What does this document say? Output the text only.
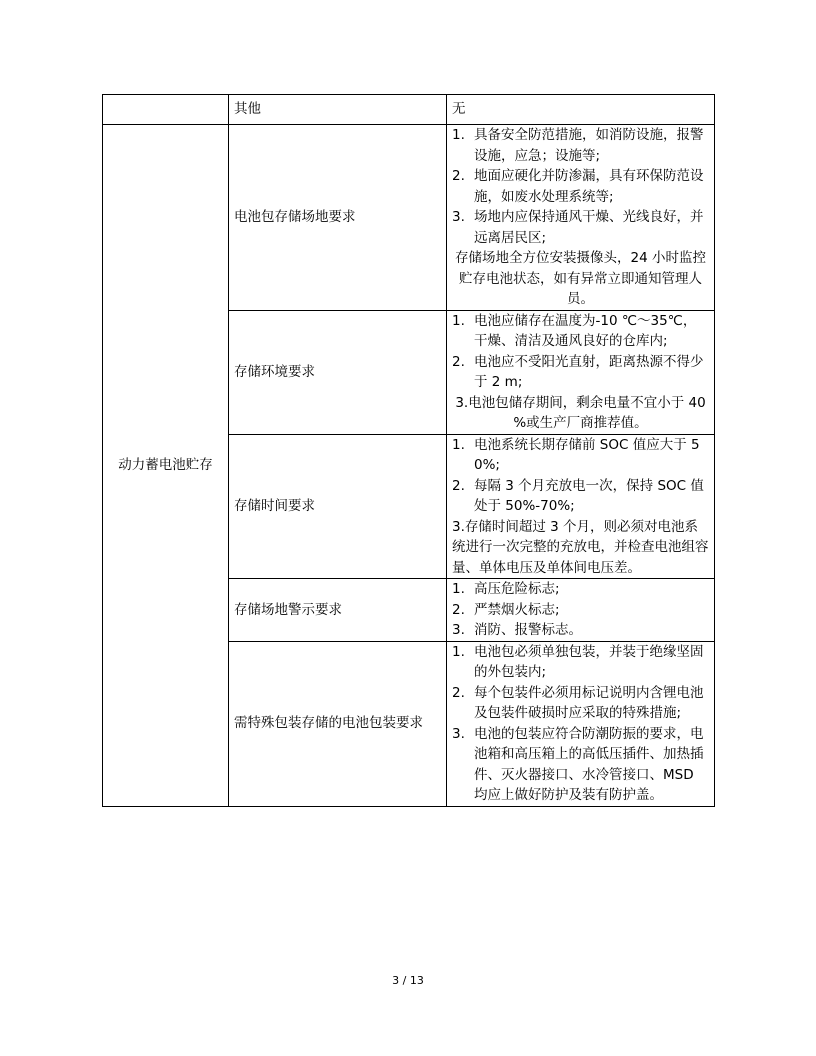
	其他	无
动力蓄电池贮存	电池包存储场地要求	1. 具备安全防范措施，如消防设施，报警设施，应急；设施等;
2. 地面应硬化并防渗漏，具有环保防范设施，如废水处理系统等;
3. 场地内应保持通风干燥、光线良好，并远离居民区;
存储场地全方位安装摄像头，24 小时监控贮存电池状态，如有异常立即通知管理人员。

	存储环境要求	1. 电池应储存在温度为-10 ℃～35℃，干燥、清洁及通风良好的仓库内;
2. 电池应不受阳光直射，距离热源不得少于 2 m;
3.电池包储存期间，剩余电量不宜小于 40 %或生产厂商推荐值。

	存储时间要求	1. 电池系统长期存储前 SOC 值应大于 50%;
2. 每隔 3 个月充放电一次，保持 SOC 值处于 50%-70%;
3.存储时间超过 3 个月，则必须对电池系统进行一次完整的充放电，并检查电池组容量、单体电压及单体间电压差。

	存储场地警示要求	1. 高压危险标志;
2. 严禁烟火标志;
3. 消防、报警标志。

	需特殊包装存储的电池包装要求	1. 电池包必须单独包装，并装于绝缘坚固的外包装内;
2. 每个包装件必须用标记说明内含锂电池及包装件破损时应采取的特殊措施;
3. 电池的包装应符合防潮防振的要求，电池箱和高压箱上的高低压插件、加热插件、灭火器接口、水冷管接口、MSD 均应上做好防护及装有防护盖。
3 / 13
